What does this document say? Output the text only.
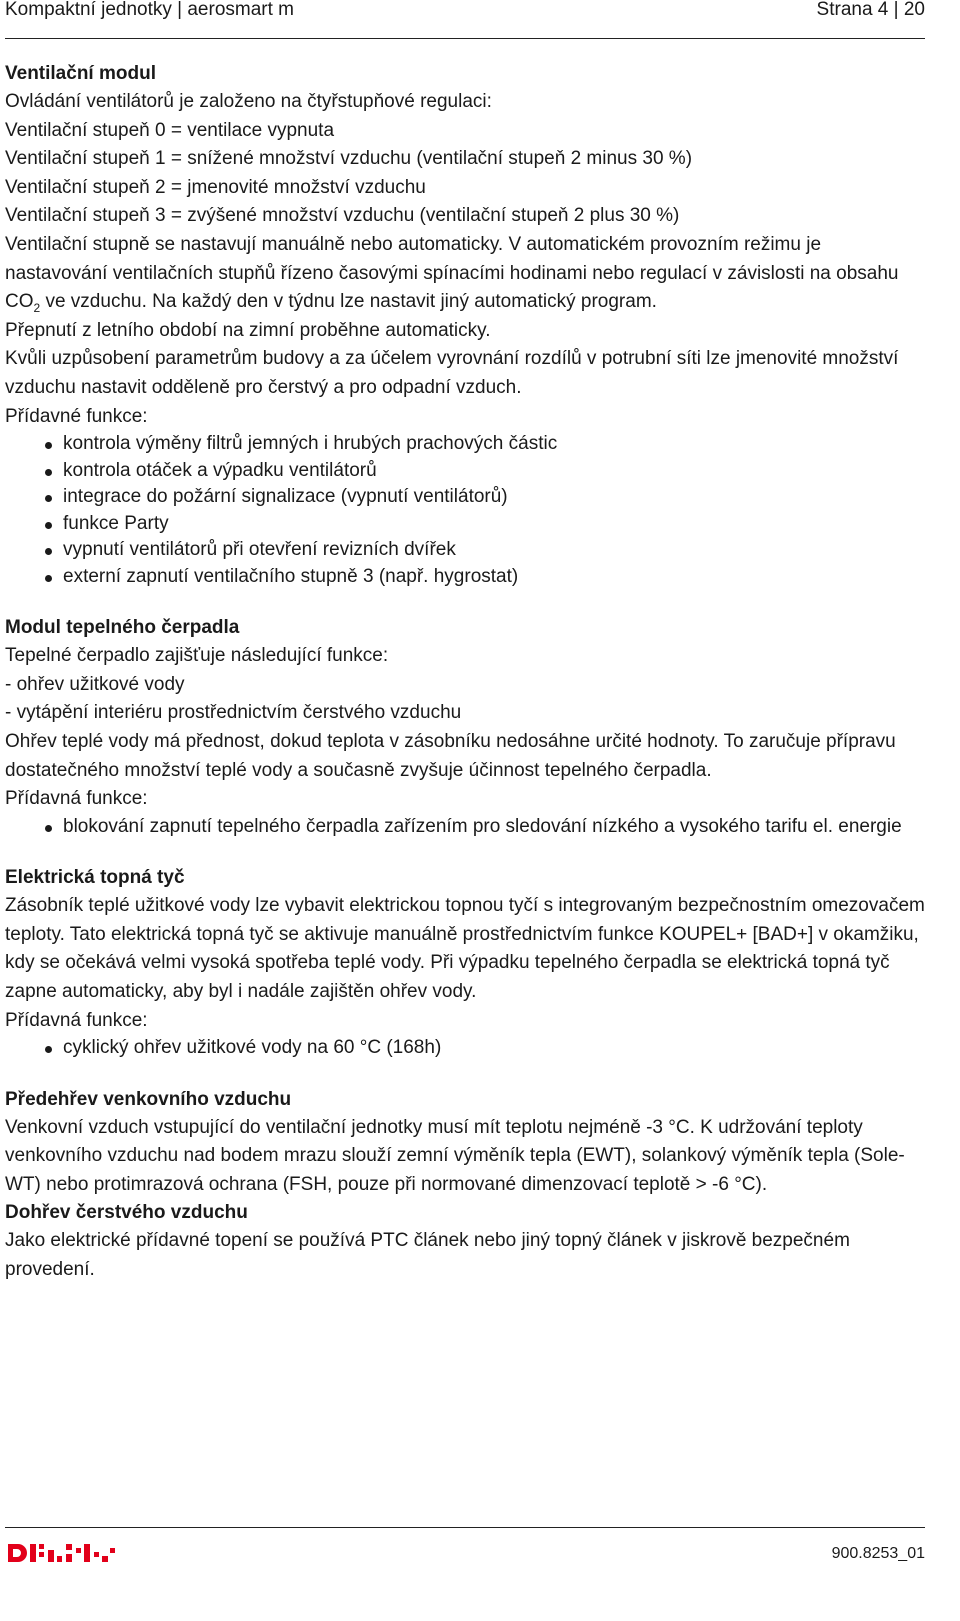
Kompaktní jednotky | aerosmart m	Strana 4 | 20
Ventilační modul

Ovládání ventilátorů je založeno na čtyřstupňové regulaci:

Ventilační stupeň 0 = ventilace vypnuta

Ventilační stupeň 1 = snížené množství vzduchu (ventilační stupeň 2 minus 30 %)

Ventilační stupeň 2 = jmenovité množství vzduchu

Ventilační stupeň 3 = zvýšené množství vzduchu (ventilační stupeň 2 plus 30 %)

Ventilační stupně se nastavují manuálně nebo automaticky. V automatickém provozním režimu je nastavování ventilačních stupňů řízeno časovými spínacími hodinami nebo regulací v závislosti na obsahu $CO_2$ ve vzduchu. Na každý den v týdnu lze nastavit jiný automatický program.

Přepnutí z letního období na zimní proběhne automaticky.

Kvůli uzpůsobení parametrům budovy a za účelem vyrovnání rozdílů v potrubní síti lze jmenovité množství vzduchu nastavit odděleně pro čerstvý a pro odpadní vzduch.

Přídavné funkce:

kontrola výměny filtrů jemných i hrubých prachových částic
kontrola otáček a výpadku ventilátorů
integrace do požární signalizace (vypnutí ventilátorů)
funkce Party
vypnutí ventilátorů při otevření revizních dvířek
externí zapnutí ventilačního stupně 3 (např. hygrostat)
Modul tepelného čerpadla

Tepelné čerpadlo zajišťuje následující funkce:

- ohřev užitkové vody

- vytápění interiéru prostřednictvím čerstvého vzduchu

Ohřev teplé vody má přednost, dokud teplota v zásobníku nedosáhne určité hodnoty. To zaručuje přípravu dostatečného množství teplé vody a současně zvyšuje účinnost tepelného čerpadla.

Přídavná funkce:

blokování zapnutí tepelného čerpadla zařízením pro sledování nízkého a vysokého tarifu el. energie
Elektrická topná tyč

Zásobník teplé užitkové vody lze vybavit elektrickou topnou tyčí s integrovaným bezpečnostním omezovačem teploty. Tato elektrická topná tyč se aktivuje manuálně prostřednictvím funkce KOUPEL+ [BAD+] v okamžiku, kdy se očekává velmi vysoká spotřeba teplé vody. Při výpadku tepelného čerpadla se elektrická topná tyč zapne automaticky, aby byl i nadále zajištěn ohřev vody.

Přídavná funkce:

cyklický ohřev užitkové vody na 60 °C (168h)
Předehřev venkovního vzduchu

Venkovní vzduch vstupující do ventilační jednotky musí mít teplotu nejméně -3 °C. K udržování teploty venkovního vzduchu nad bodem mrazu slouží zemní výměník tepla (EWT), solankový výměník tepla (Sole-WT) nebo protimrazová ochrana (FSH, pouze při normované dimenzovací teplotě > -6 °C).

Dohřev čerstvého vzduchu

Jako elektrické přídavné topení se používá PTC článek nebo jiný topný článek v jiskrově bezpečném provedení.

900.8253_01
